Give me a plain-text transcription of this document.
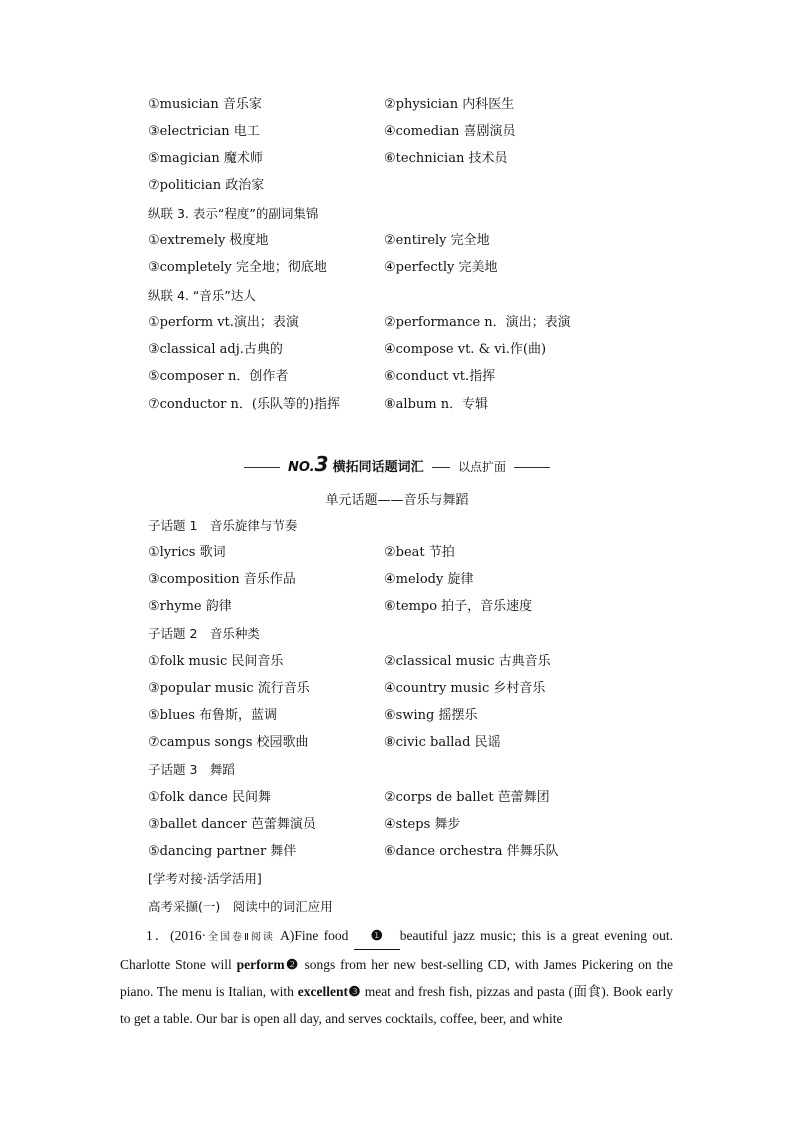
①musician 音乐家	②physician 内科医生
③electrician 电工	④comedian 喜剧演员
⑤magician 魔术师	⑥technician 技术员
⑦politician 政治家
纵联 3. 表示“程度”的副词集锦
①extremely 极度地	②entirely 完全地
③completely 完全地；彻底地	④perfectly 完美地
纵联 4. “音乐”达人
①perform vt.演出；表演	②performance n．演出；表演
③classical adj.古典的	④compose vt. & vi.作(曲)
⑤composer n．创作者	⑥conduct vt.指挥
⑦conductor n．(乐队等的)指挥	⑧album n．专辑
NO.3 横拓同话题词汇	以点扩面
单元话题——音乐与舞蹈
子话题 1　音乐旋律与节奏
①lyrics 歌词	②beat 节拍
③composition 音乐作品	④melody 旋律
⑤rhyme 韵律	⑥tempo 拍子，音乐速度
子话题 2　音乐种类
①folk music 民间音乐	②classical music 古典音乐
③popular music 流行音乐	④country music 乡村音乐
⑤blues 布鲁斯，蓝调	⑥swing 摇摆乐
⑦campus songs 校园歌曲	⑧civic ballad 民谣
子话题 3　舞蹈
①folk dance 民间舞	②corps de ballet 芭蕾舞团
③ballet dancer 芭蕾舞演员	④steps 舞步
⑤dancing partner 舞伴	⑥dance orchestra 伴舞乐队
[学考对接·活学活用]
高考采撷(一)　阅读中的词汇应用
1．(2016·全国卷Ⅱ阅读 A)Fine food ❶ beautiful jazz music; this is a great evening out. Charlotte Stone will perform❷ songs from her new best-selling CD, with James Pickering on the piano. The menu is Italian, with excellent❸ meat and fresh fish, pizzas and pasta (面食). Book early to get a table. Our bar is open all day, and serves cocktails, coffee, beer, and white
